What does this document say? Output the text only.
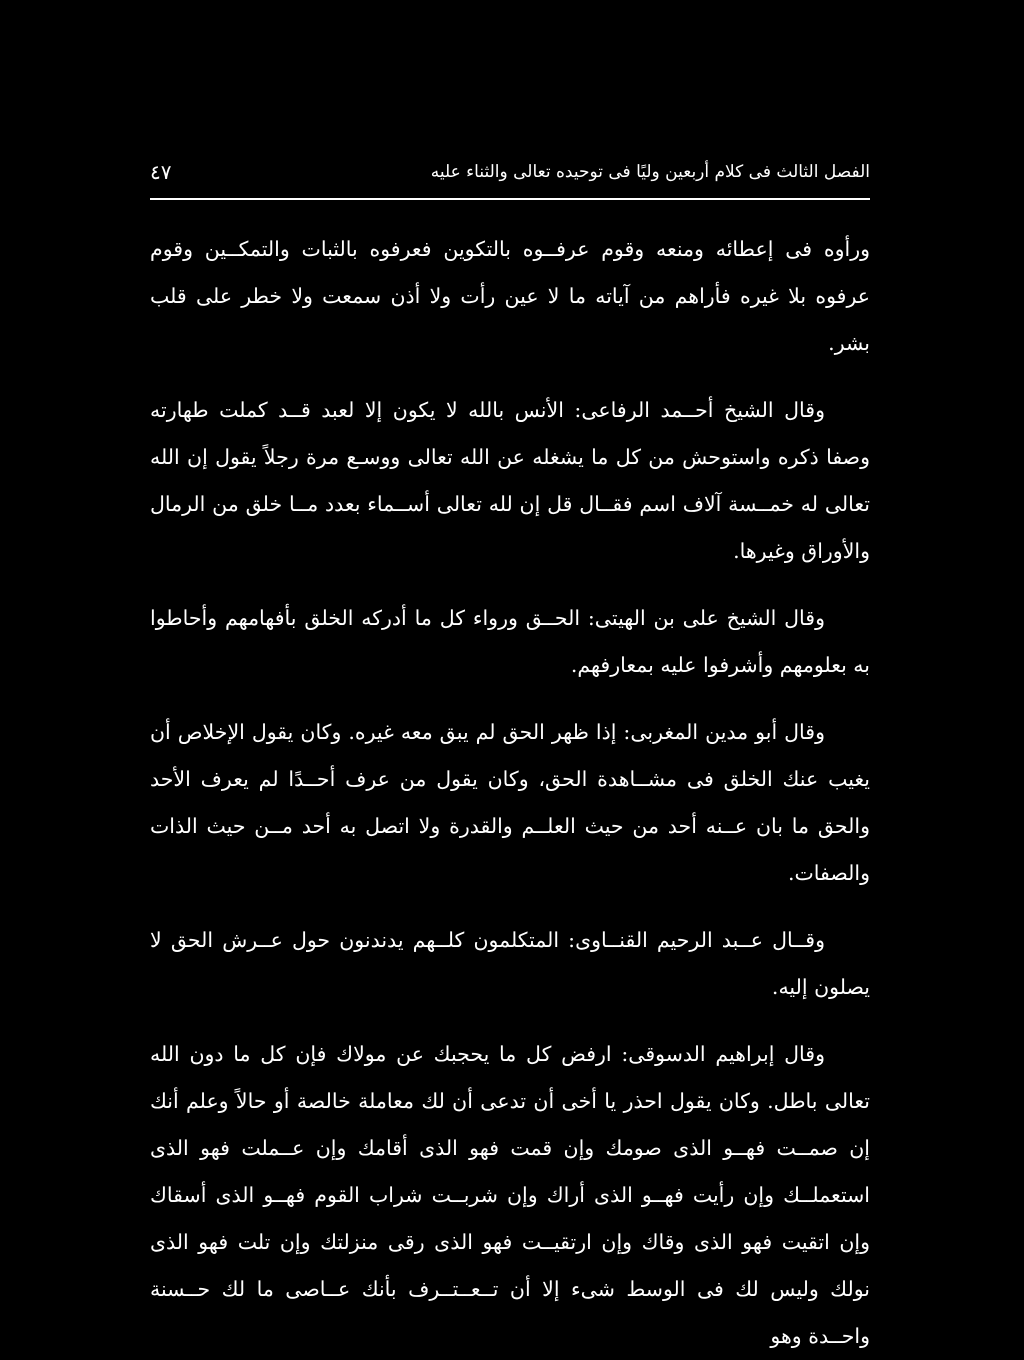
الفصل الثالث فى كلام أربعين وليًا فى توحيده تعالى والثناء عليه
٤٧

ورأوه فى إعطائه ومنعه وقوم عرفــوه بالتكوين فعرفوه بالثبات والتمكــين وقوم عرفوه بلا غيره فأراهم من آياته ما لا عين رأت ولا أذن سمعت ولا خطر على قلب بشر.

وقال الشيخ أحــمد الرفاعى: الأنس بالله لا يكون إلا لعبد قــد كملت طهارته وصفا ذكره واستوحش من كل ما يشغله عن الله تعالى ووسـع مرة رجلاً يقول إن الله تعالى له خمــسة آلاف اسم فقــال قل إن لله تعالى أســماء بعدد مــا خلق من الرمال والأوراق وغيرها.

وقال الشيخ على بن الهيتى: الحــق ورواء كل ما أدركه الخلق بأفهامهم وأحاطوا به بعلومهم وأشرفوا عليه بمعارفهم.

وقال أبو مدين المغربى: إذا ظهر الحق لم يبق معه غيره. وكان يقول الإخلاص أن يغيب عنك الخلق فى مشــاهدة الحق، وكان يقول من عرف أحــدًا لم يعرف الأحد والحق ما بان عــنه أحد من حيث العلــم والقدرة ولا اتصل به أحد مــن حيث الذات والصفات.

وقــال عــبد الرحيم القنــاوى: المتكلمون كلــهم يدندنون حول عــرش الحق لا يصلون إليه.

وقال إبراهيم الدسوقى: ارفض كل ما يحجبك عن مولاك فإن كل ما دون الله تعالى باطل. وكان يقول احذر يا أخى أن تدعى أن لك معاملة خالصة أو حالاً وعلم أنك إن صمــت فهــو الذى صومك وإن قمت فهو الذى أقامك وإن عــملت فهو الذى استعملــك وإن رأيت فهــو الذى أراك وإن شربــت شراب القوم فهــو الذى أسقاك وإن اتقيت فهو الذى وقاك وإن ارتقيــت فهو الذى رقى منزلتك وإن تلت فهو الذى نولك وليس لك فى الوسط شىء إلا أن تــعــتــرف بأنك عــاصى ما لك حــسنة واحــدة وهو
